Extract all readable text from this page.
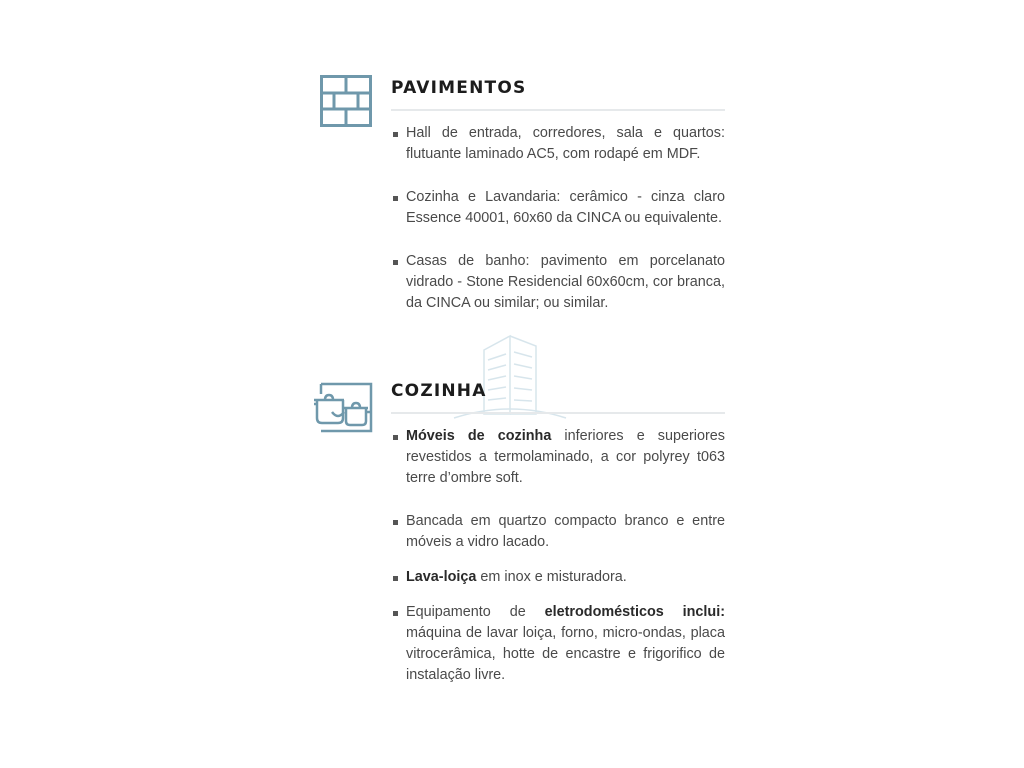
PAVIMENTOS
Hall de entrada, corredores, sala e quartos: flutuante laminado AC5, com rodapé em MDF.
Cozinha e Lavandaria: cerâmico - cinza claro Essence 40001, 60x60 da CINCA ou equivalente.
Casas de banho: pavimento em porcelanato vidrado - Stone Residencial 60x60cm, cor branca, da CINCA ou similar; ou similar.
COZINHA
Móveis de cozinha inferiores e superiores revestidos a termolaminado, a cor polyrey t063 terre d’ombre soft.
Bancada em quartzo compacto branco e entre móveis a vidro lacado.
Lava-loiça em inox e misturadora.
Equipamento de eletrodomésticos inclui: máquina de lavar loiça, forno, micro-ondas, placa vitrocerâmica, hotte de encastre e frigorifico de instalação livre.
